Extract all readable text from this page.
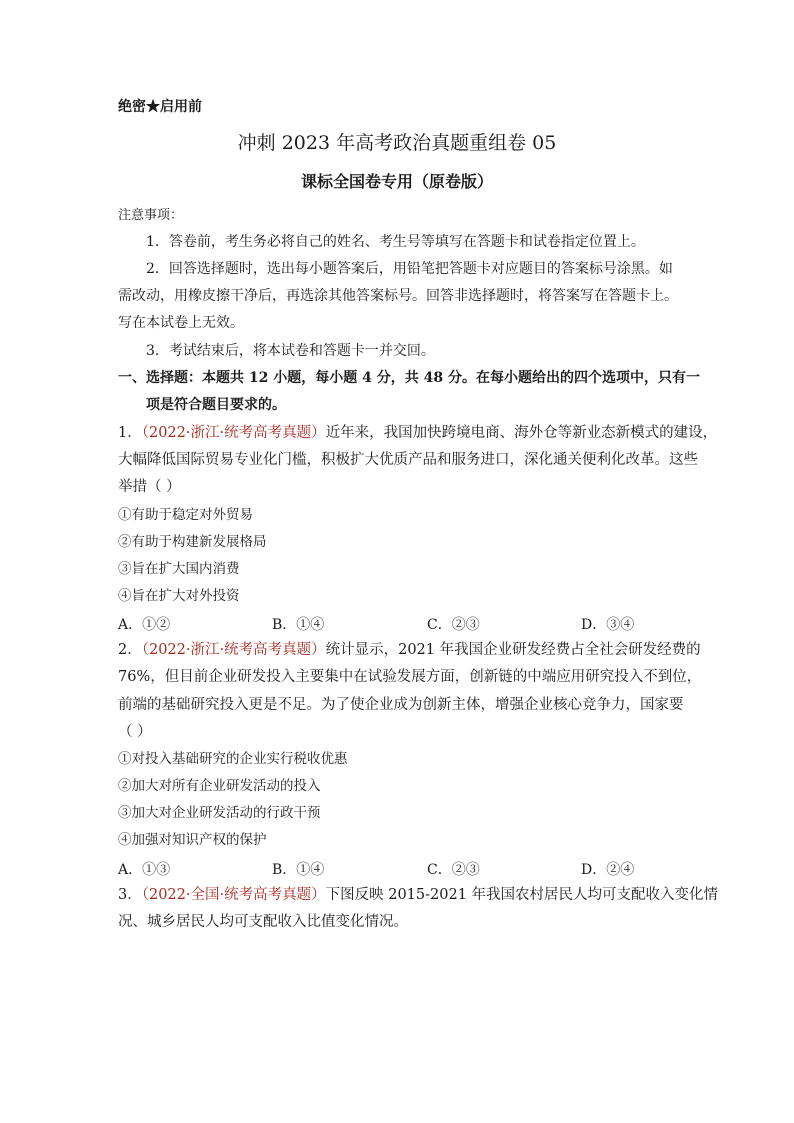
绝密★启用前
冲刺 2023 年高考政治真题重组卷 05
课标全国卷专用（原卷版）
注意事项：
1．答卷前，考生务必将自己的姓名、考生号等填写在答题卡和试卷指定位置上。
2．回答选择题时，选出每小题答案后，用铅笔把答题卡对应题目的答案标号涂黑。如
需改动，用橡皮擦干净后，再选涂其他答案标号。回答非选择题时，将答案写在答题卡上。
写在本试卷上无效。
3．考试结束后，将本试卷和答题卡一并交回。
一、选择题：本题共 12 小题，每小题 4 分，共 48 分。在每小题给出的四个选项中，只有一
项是符合题目要求的。
1．（2022·浙江·统考高考真题）近年来，我国加快跨境电商、海外仓等新业态新模式的建设，
大幅降低国际贸易专业化门槛，积极扩大优质产品和服务进口，深化通关便利化改革。这些
举措（ ）
①有助于稳定对外贸易
②有助于构建新发展格局
③旨在扩大国内消费
④旨在扩大对外投资
A．①②	B．①④	C．②③	D．③④
2．（2022·浙江·统考高考真题）统计显示，2021 年我国企业研发经费占全社会研发经费的
76%，但目前企业研发投入主要集中在试验发展方面，创新链的中端应用研究投入不到位，
前端的基础研究投入更是不足。为了使企业成为创新主体，增强企业核心竞争力，国家要
（ ）
①对投入基础研究的企业实行税收优惠
②加大对所有企业研发活动的投入
③加大对企业研发活动的行政干预
④加强对知识产权的保护
A．①③	B．①④	C．②③	D．②④
3．（2022·全国·统考高考真题）下图反映 2015-2021 年我国农村居民人均可支配收入变化情
况、城乡居民人均可支配收入比值变化情况。
